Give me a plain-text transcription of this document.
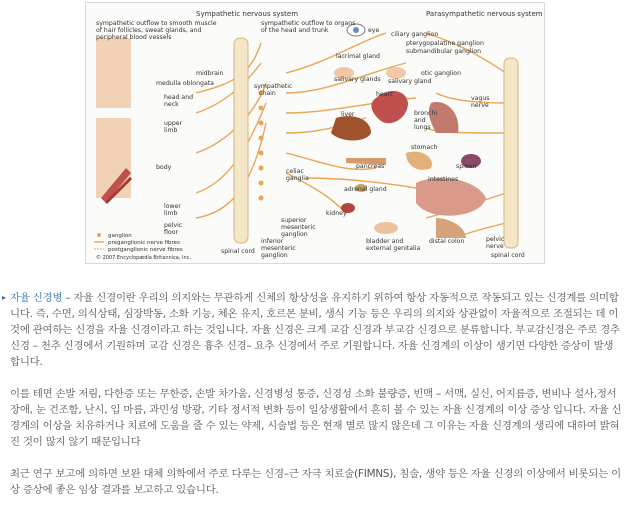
Sympathetic nervous system	Parasympathetic nervous system
sympathetic outflow to smooth muscle
of hair follicles, sweat glands, and
peripheral blood vessels
sympathetic outflow to organs
of the head and trunk
midbrain
medulla oblongata
head and
neck
upper
limb
body
lower
limb
pelvic
floor
sympathetic
chain
celiac
ganglia
superior
mesenteric
ganglion
inferior
mesenteric
ganglion
spinal cord
eye
ciliary ganglion
pterygopalatine ganglion
submandibular ganglion
lacrimal gland
salivary glands salivary gland
otic ganglion
heart
liver	bronchi
and
lungs
vagus
nerve
stomach
pancreas	spleen
adrenal gland
intestines
kidney
bladder and
external genitalia
distal colon	pelvic
nerve
spinal cord
ganglion
preganglionic nerve fibres
postganglionic nerve fibres
© 2007 Encyclopædia Britannica, Inc.
▸ 자율 신경병 – 자율 신경이란 우리의 의지와는 무관하게 신체의 항상성을 유지하기 위하여 항상 자동적으로 작동되고 있는 신경계를 의미합니다. 즉, 수면, 의식상태, 심장박동, 소화 기능, 체온 유지, 호르몬 분비, 생식 기능 등은 우리의 의지와 상관없이 자율적으로 조절되는 데 이것에 관여하는 신경을 자율 신경이라고 하는 것입니다. 자율 신경은 크게 교감 신경과 부교감 신경으로 분류합니다. 부교감신경은 주로 경추 신경 – 천추 신경에서 기원하며 교감 신경은 흉추 신경– 요추 신경에서 주로 기원합니다. 자율 신경계의 이상이 생기면 다양한 증상이 발생합니다.

이를 테면 손발 저림, 다한증 또는 무한증, 손발 차가움, 신경병성 통증, 신경성 소화 불량증, 빈맥 – 서맥, 실신, 어지름증, 변비나 설사,정서 장애, 눈 건조함, 난시, 입 마름, 과민성 방광, 기타 정서적 변화 등이 일상생활에서 흔히 볼 수 있는 자율 신경계의 이상 증상 입니다. 자율 신경계의 이상을 치유하거나 치료에 도움을 줄 수 있는 약제, 시술법 등은 현재 별로 많지 않은데 그 이유는 자율 신경계의 생리에 대하여 밝혀진 것이 많지 않기 때문입니다

최근 연구 보고에 의하면 보완 대체 의학에서 주로 다루는 신경–근 자극 치료술(FIMNS), 침술, 생약 등은 자율 신경의 이상에서 비롯되는 이상 증상에 좋은 임상 결과를 보고하고 있습니다.
